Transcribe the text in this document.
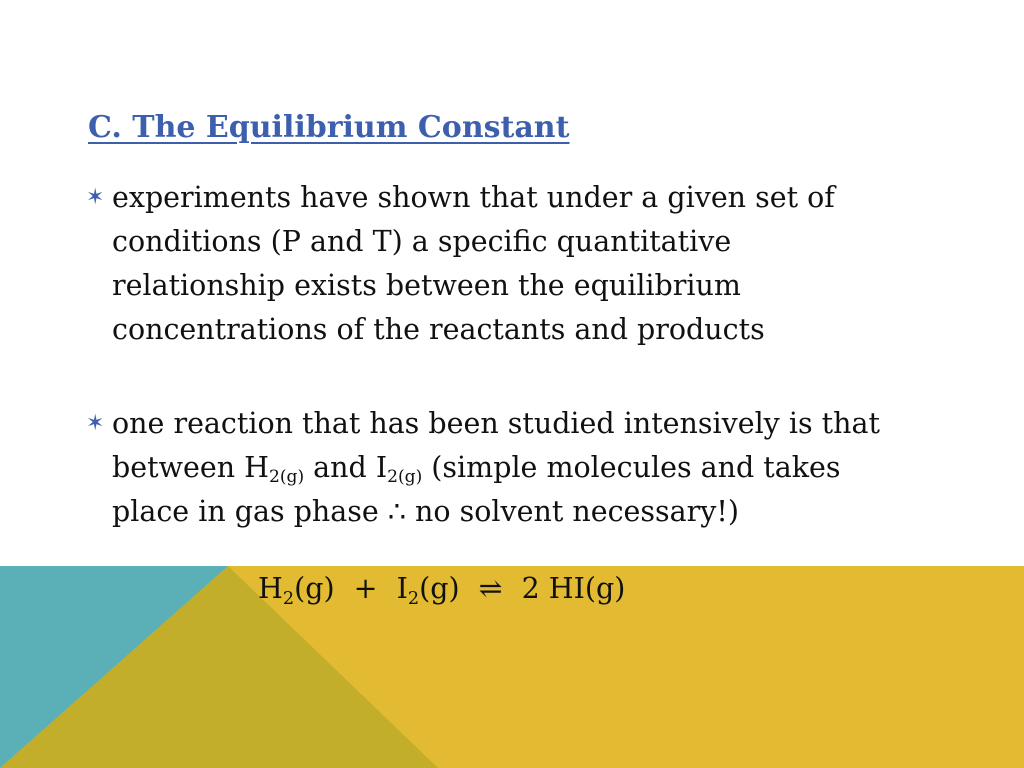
C. The Equilibrium Constant
✶ experiments have shown that under a given set of
conditions (P and T) a specific quantitative
relationship exists between the equilibrium
concentrations of the reactants and products
✶ one reaction that has been studied intensively is that
between $H_{2(g)}$ and $I_{2(g)}$ (simple molecules and takes
place in gas phase ∴ no solvent necessary!)
$H_2(g) + I_2(g)$ ⇌ 2 HI(g)
